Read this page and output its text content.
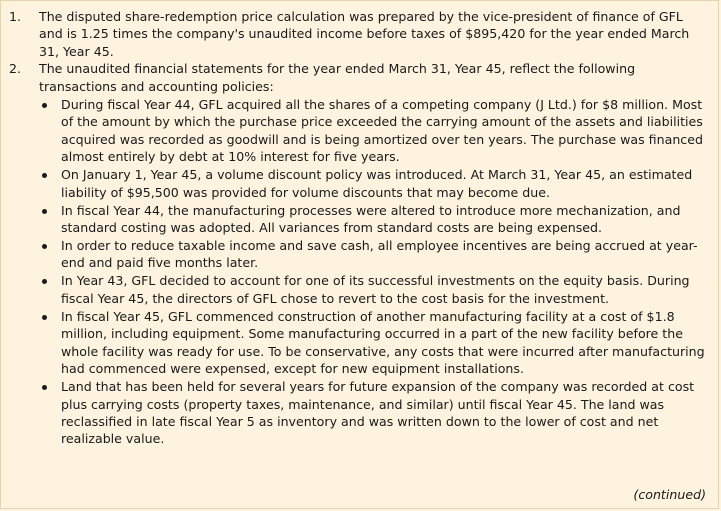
1.	The disputed share-redemption price calculation was prepared by the vice-president of finance of GFL and is 1.25 times the company's unaudited income before taxes of $895,420 for the year ended March 31, Year 45.
2.	The unaudited financial statements for the year ended March 31, Year 45, reflect the following transactions and accounting policies:
During fiscal Year 44, GFL acquired all the shares of a competing company (J Ltd.) for $8 million. Most of the amount by which the purchase price exceeded the carrying amount of the assets and liabilities acquired was recorded as goodwill and is being amortized over ten years. The purchase was financed almost entirely by debt at 10% interest for five years.
On January 1, Year 45, a volume discount policy was introduced. At March 31, Year 45, an estimated liability of $95,500 was provided for volume discounts that may become due.
In fiscal Year 44, the manufacturing processes were altered to introduce more mechanization, and standard costing was adopted. All variances from standard costs are being expensed.
In order to reduce taxable income and save cash, all employee incentives are being accrued at year-end and paid five months later.
In Year 43, GFL decided to account for one of its successful investments on the equity basis. During fiscal Year 45, the directors of GFL chose to revert to the cost basis for the investment.
In fiscal Year 45, GFL commenced construction of another manufacturing facility at a cost of $1.8 million, including equipment. Some manufacturing occurred in a part of the new facility before the whole facility was ready for use. To be conservative, any costs that were incurred after manufacturing had commenced were expensed, except for new equipment installations.
Land that has been held for several years for future expansion of the company was recorded at cost plus carrying costs (property taxes, maintenance, and similar) until fiscal Year 45. The land was reclassified in late fiscal Year 5 as inventory and was written down to the lower of cost and net realizable value.
(continued)
